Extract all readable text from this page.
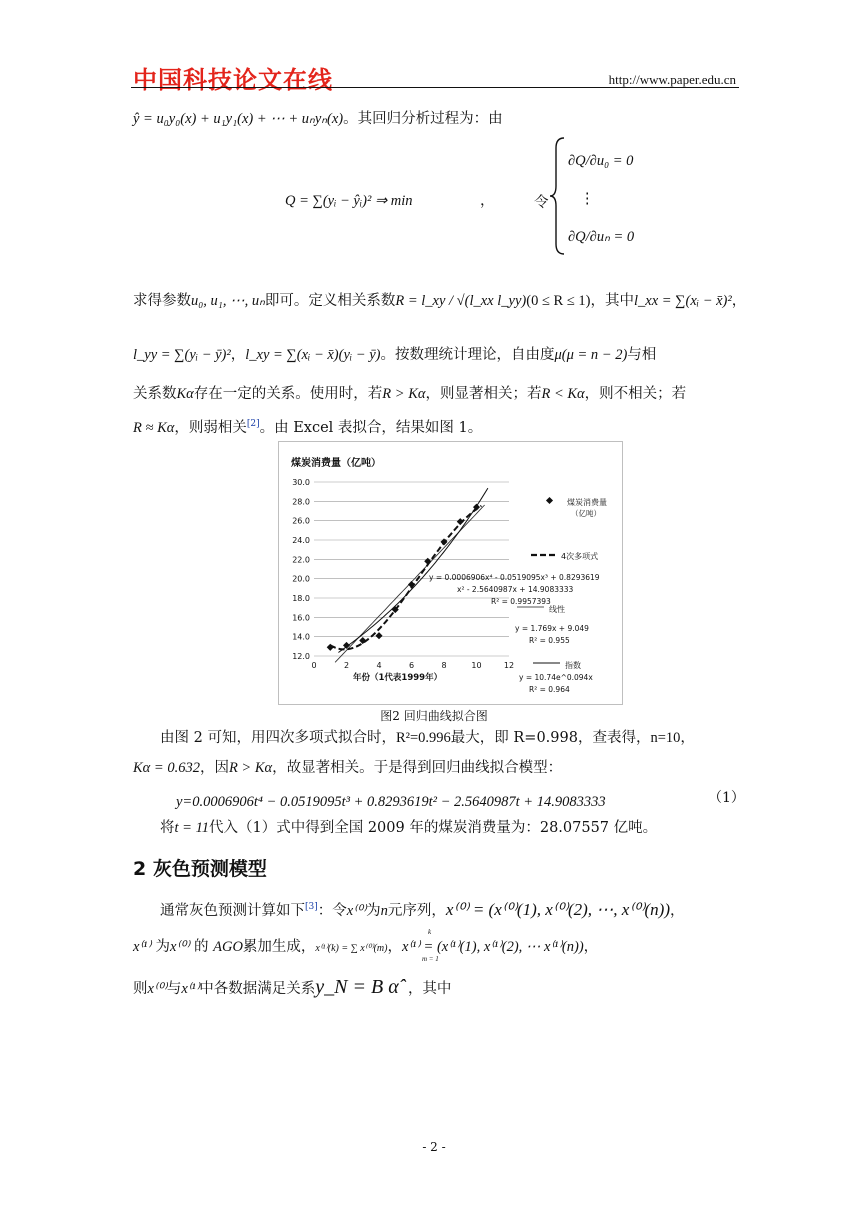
中国科技论文在线	http://www.paper.edu.cn
ŷ = u₀y₀(x) + u₁y₁(x) + ⋯ + uₙyₙ(x)。其回归分析过程为：由
Q = ∑(yᵢ − ŷᵢ)² ⇒ min	，	令
∂Q/∂u₀ = 0
⋮
∂Q/∂uₙ = 0
求得参数u₀, u₁, ⋯, uₙ即可。定义相关系数R = l_xy / √(l_xx l_yy)(0 ≤ R ≤ 1)，其中l_xx = ∑(xᵢ − x̄)²，
l_yy = ∑(yᵢ − ȳ)²，l_xy = ∑(xᵢ − x̄)(yᵢ − ȳ)。按数理统计理论，自由度μ(μ = n − 2)与相
关系数Kα存在一定的关系。使用时，若R > Kα，则显著相关；若R < Kα，则不相关；若
R ≈ Kα，则弱相关[2]。由 Excel 表拟合，结果如图 1。
煤炭消费量（亿吨）
12.0
14.0
16.0
18.0
20.0
22.0
24.0
26.0
28.0
30.0
0	2	4	6	8	10	12
年份（1代表1999年）
煤炭消费量
（亿吨）
4次多项式
y = 0.0006906x⁴ - 0.0519095x³ + 0.8293619
x² - 2.5640987x + 14.9083333
R² = 0.9957393
线性
y = 1.769x + 9.049
R² = 0.955
指数
y = 10.74e^0.094x
R² = 0.964
图2 回归曲线拟合图
由图 2 可知，用四次多项式拟合时，R²=0.996最大，即 R=0.998，查表得，n=10，
Kα = 0.632，因R > Kα，故显著相关。于是得到回归曲线拟合模型：
y=0.0006906t⁴ − 0.0519095t³ + 0.8293619t² − 2.5640987t + 14.9083333	（1）
将t = 11代入（1）式中得到全国 2009 年的煤炭消费量为：28.07557 亿吨。
2 灰色预测模型
通常灰色预测计算如下[3]：令x⁽⁰⁾为n元序列，x⁽⁰⁾ = (x⁽⁰⁾(1), x⁽⁰⁾(2), ⋯, x⁽⁰⁾(n))，
x⁽¹⁾ 为x⁽⁰⁾ 的 AGO累加生成，x⁽¹⁾(k) = ∑ x⁽⁰⁾(m)，x⁽¹⁾ = (x⁽¹⁾(1), x⁽¹⁾(2), ⋯ x⁽¹⁾(n))，
k
m = 1
则x⁽⁰⁾与x⁽¹⁾中各数据满足关系y_N = B α̂ ，其中
- 2 -
